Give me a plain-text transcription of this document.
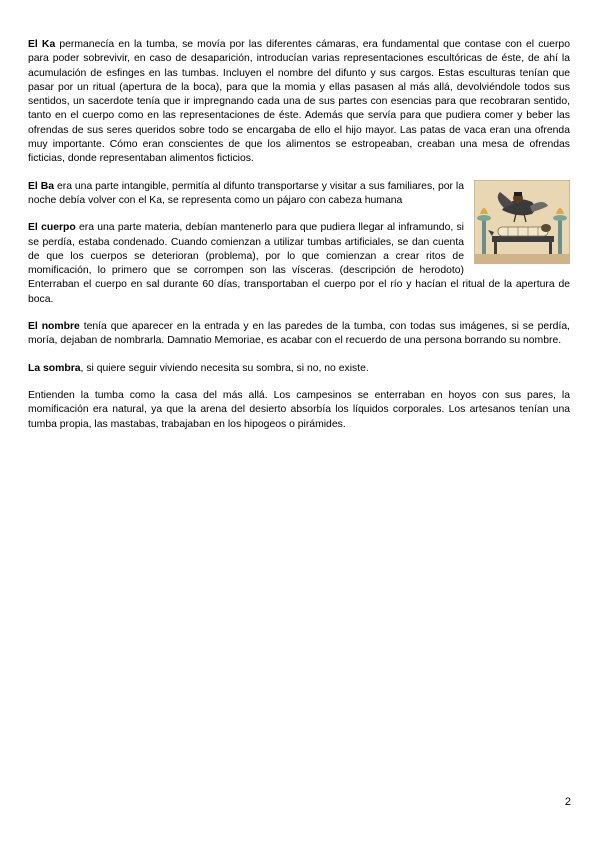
El Ka permanecía en la tumba, se movía por las diferentes cámaras, era fundamental que contase con el cuerpo para poder sobrevivir, en caso de desaparición, introducían varias representaciones escultóricas de éste, de ahí la acumulación de esfinges en las tumbas. Incluyen el nombre del difunto y sus cargos. Estas esculturas tenían que pasar por un ritual (apertura de la boca), para que la momia y ellas pasasen al más allá, devolviéndole todos sus sentidos, un sacerdote tenía que ir impregnando cada una de sus partes con esencias para que recobraran sentido, tanto en el cuerpo como en las representaciones de éste. Además que servía para que pudiera comer y beber las ofrendas de sus seres queridos sobre todo se encargaba de ello el hijo mayor. Las patas de vaca eran una ofrenda muy importante. Cómo eran conscientes de que los alimentos se estropeaban, creaban una mesa de ofrendas ficticias, donde representaban alimentos ficticios.

El Ba era una parte intangible, permitía al difunto transportarse y visitar a sus familiares, por la noche debía volver con el Ka, se representa como un pájaro con cabeza humana

El cuerpo era una parte materia, debían mantenerlo para que pudiera llegar al inframundo, si se perdía, estaba condenado. Cuando comienzan a utilizar tumbas artificiales, se dan cuenta de que los cuerpos se deterioran (problema), por lo que comienzan a crear ritos de momificación, lo primero que se corrompen son las vísceras. (descripción de herodoto) Enterraban el cuerpo en sal durante 60 días, transportaban el cuerpo por el río y hacían el ritual de la apertura de boca.

El nombre tenía que aparecer en la entrada y en las paredes de la tumba, con todas sus imágenes, si se perdía, moría, dejaban de nombrarla. Damnatio Memoriae, es acabar con el recuerdo de una persona borrando su nombre.

La sombra, si quiere seguir viviendo necesita su sombra, si no, no existe.

Entienden la tumba como la casa del más allá. Los campesinos se enterraban en hoyos con sus pares, la momificación era natural, ya que la arena del desierto absorbía los líquidos corporales. Los artesanos tenían una tumba propia, las mastabas, trabajaban en los hipogeos o pirámides.

2
